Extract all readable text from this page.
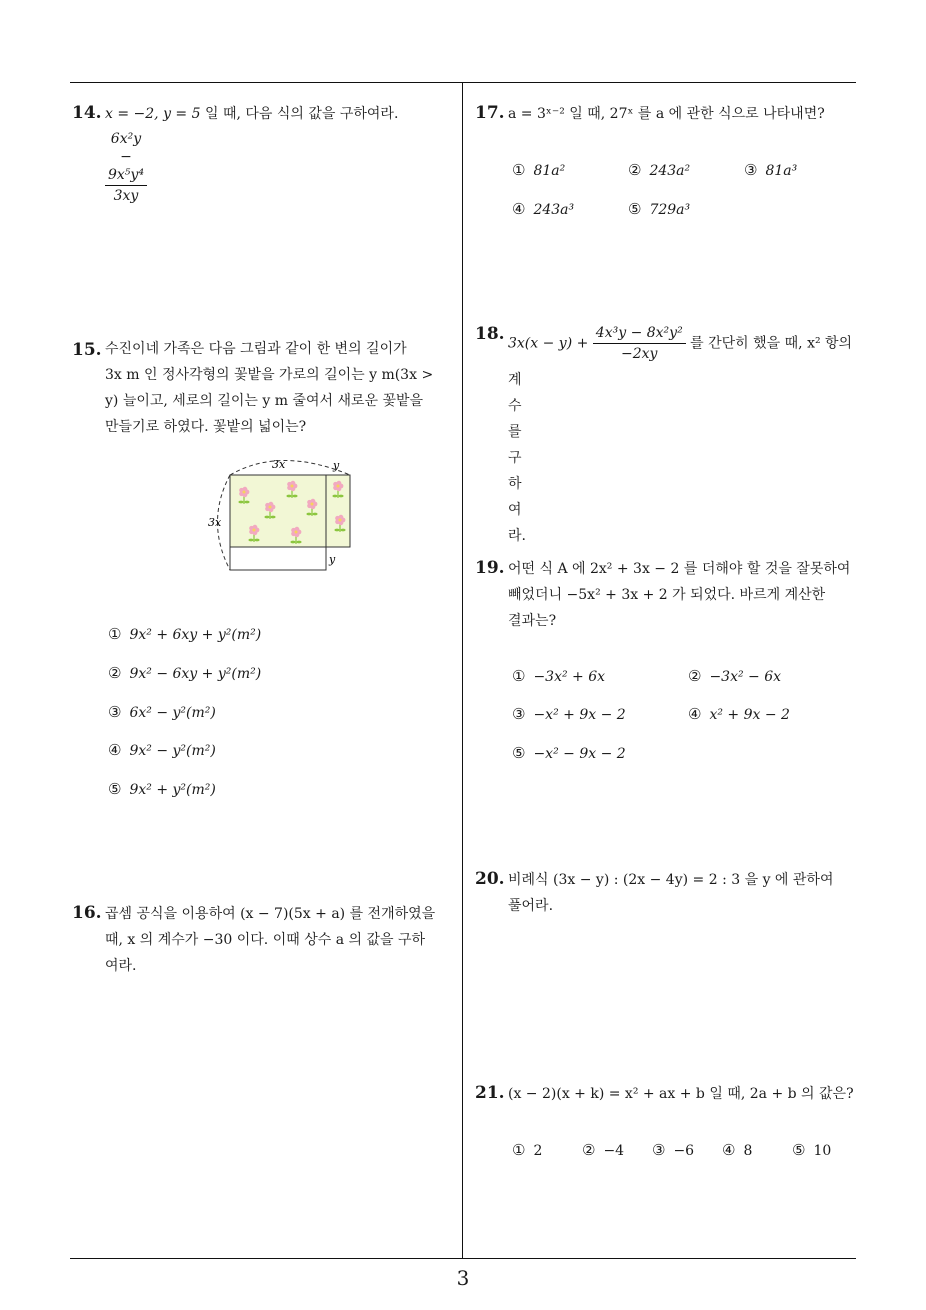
14. x = −2, y = 5 일 때, 다음 식의 값을 구하여라.
$\frac{\text{6x²y − 9x⁵y⁴}}{3xy}$
15. 수진이네 가족은 다음 그림과 같이 한 변의 길이가
3x m 인 정사각형의 꽃밭을 가로의 길이는 y m(3x >
y) 늘이고, 세로의 길이는 y m 줄여서 새로운 꽃밭을
만들기로 하였다. 꽃밭의 넓이는?
3x
3x
y
y
① 9x² + 6xy + y²(m²)
② 9x² − 6xy + y²(m²)
③ 6x² − y²(m²)
④ 9x² − y²(m²)
⑤ 9x² + y²(m²)
16. 곱셈 공식을 이용하여 (x − 7)(5x + a) 를 전개하였을
때, x 의 계수가 −30 이다. 이때 상수 a 의 값을 구하
여라.
17. a = 3ˣ⁻² 일 때, 27ˣ 를 a 에 관한 식으로 나타내면?
① 81a²	② 243a²	③ 81a³
④ 243a³	⑤ 729a³
18. $3x(x - y) + \frac{\text{4x³y − 8x²y²}}{-2xy}$ 를 간단히 했을 때, x² 항의
계수를 구하여라.
19. 어떤 식 A 에 2x² + 3x − 2 를 더해야 할 것을 잘못하여
빼었더니 −5x² + 3x + 2 가 되었다. 바르게 계산한
결과는?
① −3x² + 6x	② −3x² − 6x
③ −x² + 9x − 2	④ x² + 9x − 2
⑤ −x² − 9x − 2
20. 비례식 (3x − y) : (2x − 4y) = 2 : 3 을 y 에 관하여
풀어라.
21. (x − 2)(x + k) = x² + ax + b 일 때, 2a + b 의 값은?
① 2	② −4 ③ −6 ④ 8	⑤ 10
3
